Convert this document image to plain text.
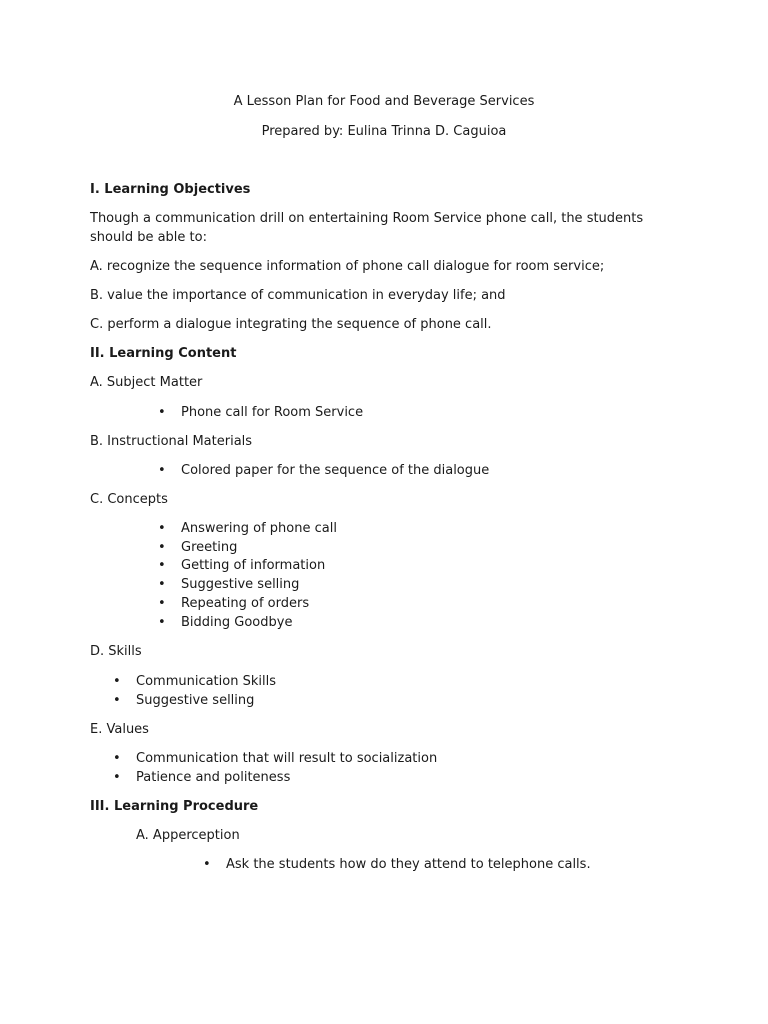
A Lesson Plan for Food and Beverage Services
Prepared by: Eulina Trinna D. Caguioa
I. Learning Objectives
Though a communication drill on entertaining Room Service phone call, the students should be able to:
A. recognize the sequence information of phone call dialogue for room service;
B. value the importance of communication in everyday life; and
C. perform a dialogue integrating the sequence of phone call.
II. Learning Content
A. Subject Matter
• Phone call for Room Service
B. Instructional Materials
• Colored paper for the sequence of the dialogue
C. Concepts
• Answering of phone call
• Greeting
• Getting of information
• Suggestive selling
• Repeating of orders
• Bidding Goodbye
D. Skills
• Communication Skills
• Suggestive selling
E. Values
• Communication that will result to socialization
• Patience and politeness
III. Learning Procedure
A. Apperception
• Ask the students how do they attend to telephone calls.
